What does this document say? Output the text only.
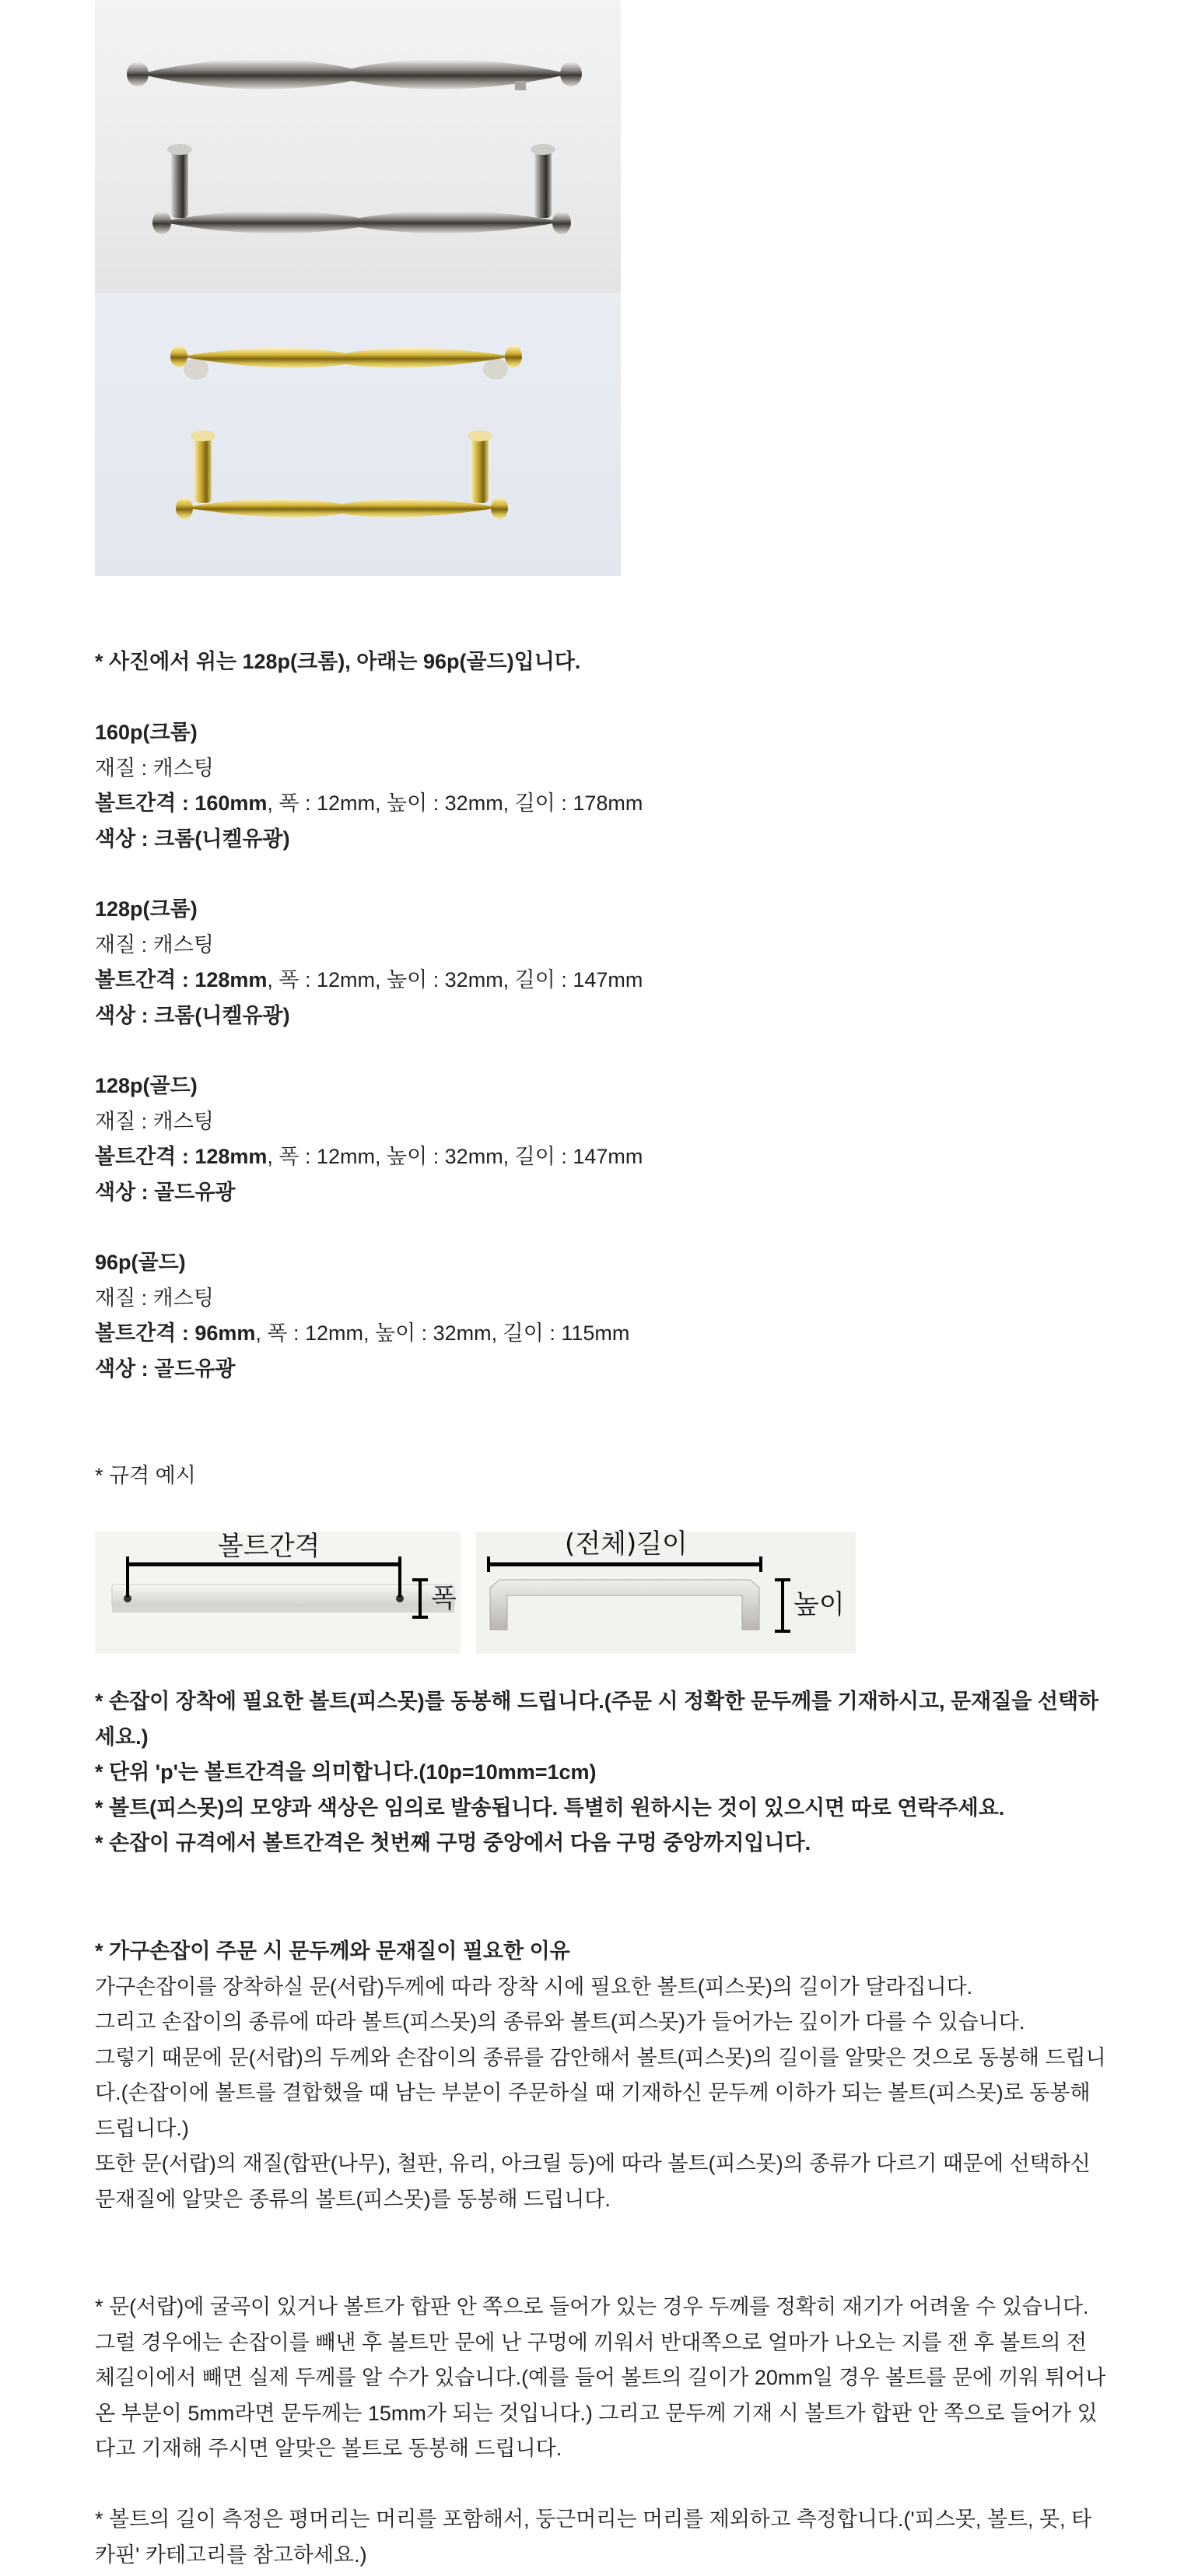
* 사진에서 위는 128p(크롬), 아래는 96p(골드)입니다.
160p(크롬)
재질 : 캐스팅
볼트간격 : 160mm, 폭 : 12mm, 높이 : 32mm, 길이 : 178mm
색상 : 크롬(니켈유광)
128p(크롬)
재질 : 캐스팅
볼트간격 : 128mm, 폭 : 12mm, 높이 : 32mm, 길이 : 147mm
색상 : 크롬(니켈유광)
128p(골드)
재질 : 캐스팅
볼트간격 : 128mm, 폭 : 12mm, 높이 : 32mm, 길이 : 147mm
색상 : 골드유광
96p(골드)
재질 : 캐스팅
볼트간격 : 96mm, 폭 : 12mm, 높이 : 32mm, 길이 : 115mm
색상 : 골드유광
* 규격 예시
볼트간격
폭
(전체)길이
높이
* 손잡이 장착에 필요한 볼트(피스못)를 동봉해 드립니다.(주문 시 정확한 문두께를 기재하시고, 문재질을 선택하세요.)
* 단위 'p'는 볼트간격을 의미합니다.(10p=10mm=1cm)
* 볼트(피스못)의 모양과 색상은 임의로 발송됩니다. 특별히 원하시는 것이 있으시면 따로 연락주세요.
* 손잡이 규격에서 볼트간격은 첫번째 구멍 중앙에서 다음 구멍 중앙까지입니다.
* 가구손잡이 주문 시 문두께와 문재질이 필요한 이유
가구손잡이를 장착하실 문(서랍)두께에 따라 장착 시에 필요한 볼트(피스못)의 길이가 달라집니다.
그리고 손잡이의 종류에 따라 볼트(피스못)의 종류와 볼트(피스못)가 들어가는 깊이가 다를 수 있습니다.
그렇기 때문에 문(서랍)의 두께와 손잡이의 종류를 감안해서 볼트(피스못)의 길이를 알맞은 것으로 동봉해 드립니다.(손잡이에 볼트를 결합했을 때 남는 부분이 주문하실 때 기재하신 문두께 이하가 되는 볼트(피스못)로 동봉해 드립니다.)
또한 문(서랍)의 재질(합판(나무), 철판, 유리, 아크릴 등)에 따라 볼트(피스못)의 종류가 다르기 때문에 선택하신 문재질에 알맞은 종류의 볼트(피스못)를 동봉해 드립니다.
* 문(서랍)에 굴곡이 있거나 볼트가 합판 안 쪽으로 들어가 있는 경우 두께를 정확히 재기가 어려울 수 있습니다. 그럴 경우에는 손잡이를 빼낸 후 볼트만 문에 난 구멍에 끼워서 반대쪽으로 얼마가 나오는 지를 잰 후 볼트의 전체길이에서 빼면 실제 두께를 알 수가 있습니다.(예를 들어 볼트의 길이가 20mm일 경우 볼트를 문에 끼워 튀어나온 부분이 5mm라면 문두께는 15mm가 되는 것입니다.) 그리고 문두께 기재 시 볼트가 합판 안 쪽으로 들어가 있다고 기재해 주시면 알맞은 볼트로 동봉해 드립니다.
* 볼트의 길이 측정은 평머리는 머리를 포함해서, 둥근머리는 머리를 제외하고 측정합니다.('피스못, 볼트, 못, 타카핀' 카테고리를 참고하세요.)
